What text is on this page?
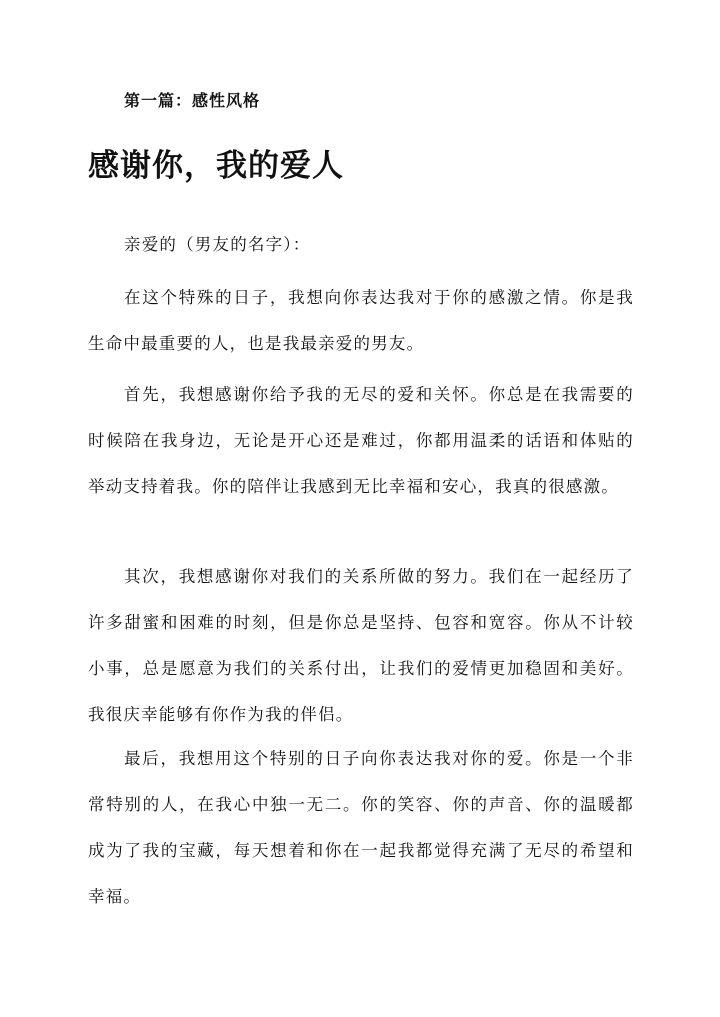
第一篇：感性风格
感谢你，我的爱人

亲爱的（男友的名字）：

在这个特殊的日子，我想向你表达我对于你的感激之情。你是我生命中最重要的人，也是我最亲爱的男友。

首先，我想感谢你给予我的无尽的爱和关怀。你总是在我需要的时候陪在我身边，无论是开心还是难过，你都用温柔的话语和体贴的举动支持着我。你的陪伴让我感到无比幸福和安心，我真的很感激。

其次，我想感谢你对我们的关系所做的努力。我们在一起经历了许多甜蜜和困难的时刻，但是你总是坚持、包容和宽容。你从不计较小事，总是愿意为我们的关系付出，让我们的爱情更加稳固和美好。我很庆幸能够有你作为我的伴侣。

最后，我想用这个特别的日子向你表达我对你的爱。你是一个非常特别的人，在我心中独一无二。你的笑容、你的声音、你的温暖都成为了我的宝藏，每天想着和你在一起我都觉得充满了无尽的希望和幸福。
